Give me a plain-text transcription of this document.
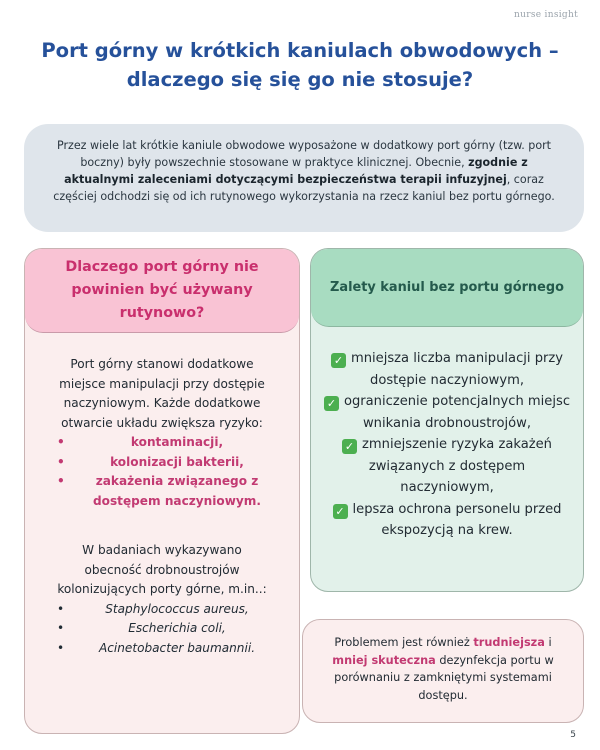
nurse insight
Port górny w krótkich kaniulach obwodowych –
dlaczego się się go nie stosuje?
Przez wiele lat krótkie kaniule obwodowe wyposażone w dodatkowy port górny (tzw. port boczny) były powszechnie stosowane w praktyce klinicznej. Obecnie, zgodnie z aktualnymi zaleceniami dotyczącymi bezpieczeństwa terapii infuzyjnej, coraz częściej odchodzi się od ich rutynowego wykorzystania na rzecz kaniul bez portu górnego.
Dlaczego port górny nie powinien być używany rutynowo?

Port górny stanowi dodatkowe miejsce manipulacji przy dostępie naczyniowym. Każde dodatkowe otwarcie układu zwiększa ryzyko:

• kontaminacji,
• kolonizacji bakterii,
• zakażenia związanego z dostępem naczyniowym.

W badaniach wykazywano obecność drobnoustrojów kolonizujących porty górne, m.in..:

• Staphylococcus aureus,
• Escherichia coli,
• Acinetobacter baumannii.
Zalety kaniul bez portu górnego
✓ mniejsza liczba manipulacji przy dostępie naczyniowym,
✓ ograniczenie potencjalnych miejsc wnikania drobnoustrojów,
✓ zmniejszenie ryzyka zakażeń związanych z dostępem naczyniowym,
✓ lepsza ochrona personelu przed ekspozycją na krew.
Problemem jest również trudniejsza i mniej skuteczna dezynfekcja portu w porównaniu z zamkniętymi systemami dostępu.
5
